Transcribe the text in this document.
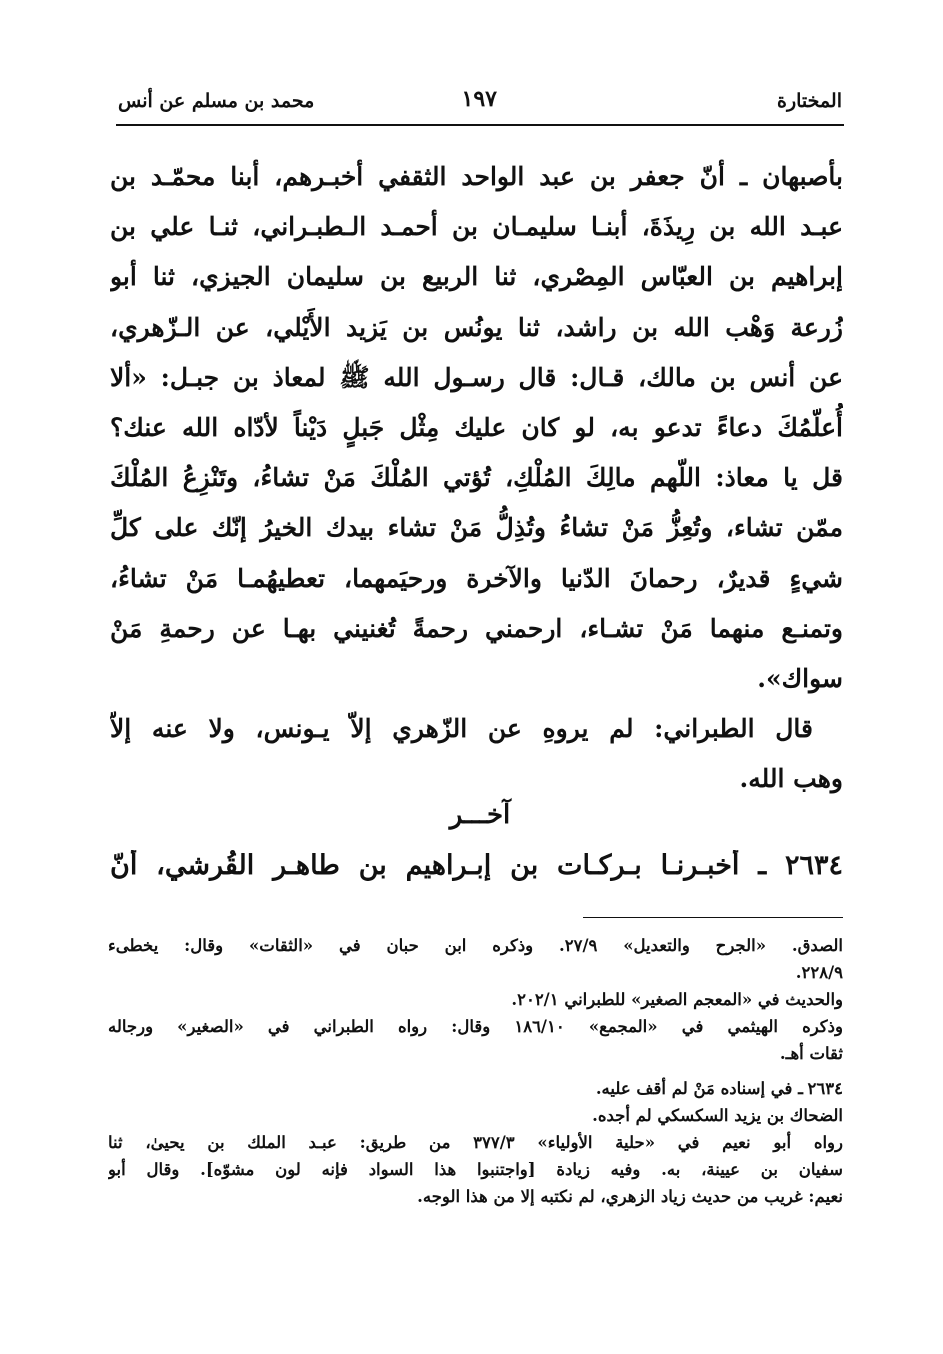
المختارة
١٩٧
محمد بن مسلم عن أنس
بأصبهان ـ أنّ جعفر بن عبد الواحد الثقفي أخبـرهم، أبنا محمّـد بن
عبـد الله بن رِيذَةَ، أبنـا سليمـان بن أحمـد الـطبـراني، ثنـا علي بن
إبراهيم بن العبّاس المِصْري، ثنا الربيع بن سليمان الجيزي، ثنا أبو
زُرعة وَهْب الله بن راشد، ثنا يونُس بن يَزيد الأَيْلي، عن الـزّهري،
عن أنس بن مالك، قـال: قال رسـول الله ﷺ لمعاذ بن جبـل: «ألا
أُعلّمُكَ دعاءً تدعو به، لو كان عليك مِثْل جَبلٍ دَيْناً لأدّاه الله عنك؟
قل يا معاذ: اللّهم مالِكَ المُلْكِ، تُؤتي المُلْكَ مَنْ تشاءُ، وتَنْزِعُ المُلْكَ
ممّن تشاء، وتُعِزُّ مَنْ تشاءُ وتُذِلُّ مَنْ تشاء بيدك الخيرُ إنّك على كلِّ
شيءٍ قديرٌ، رحمانَ الدّنيا والآخرة ورحيَمهما، تعطيهُمـا مَنْ تشاءُ،
وتمنـع منهما مَنْ تشـاء، ارحمني رحمةً تُغنيني بهـا عن رحمةِ مَنْ
سواك».
قال الطبراني: لم يروهِ عن الزّهري إلاّ يـونس، ولا عنه إلاّ
وهب الله.
آخـــر
٢٦٣٤ ـ أخبـرنـا بـركـات بن إبـراهيم بن طاهـر القُرشي، أنّ
الصدق. «الجرح والتعديل» ٢٧/٩. وذكره ابن حبان في «الثقات» وقال: يخطىء
٢٢٨/٩.
والحديث في «المعجم الصغير» للطبراني ٢٠٢/١.
وذكره الهيثمي في «المجمع» ١٨٦/١٠ وقال: رواه الطبراني في «الصغير» ورجاله
ثقات أهـ.
٢٦٣٤ـ في إسناده مَنْ لم أقف عليه.
الضحاك بن يزيد السكسكي لم أجده.
رواه أبو نعيم في «حلية الأولياء» ٣٧٧/٣ من طريق: عبـد الملك بن يحيىٰ، ثنا
سفيان بن عيينة، به. وفيه زيادة [واجتنبوا هذا السواد فإنه لون مشوّه]. وقال أبو
نعيم: غريب من حديث زياد الزهري، لم نكتبه إلا من هذا الوجه.
